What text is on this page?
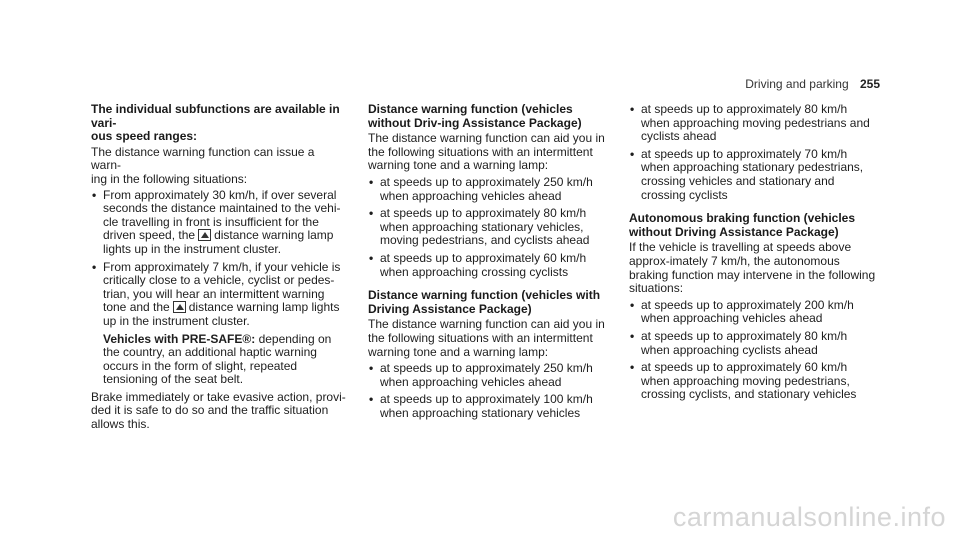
Driving and parking 255
The individual subfunctions are available in vari-
ous speed ranges:

The distance warning function can issue a warn-
ing in the following situations:

• From approximately 30 km/h, if over several seconds the distance maintained to the vehi-cle travelling in front is insufficient for the driven speed, the distance warning lamp lights up in the instrument cluster.
• From approximately 7 km/h, if your vehicle is critically close to a vehicle, cyclist or pedes-trian, you will hear an intermittent warning tone and the distance warning lamp lights up in the instrument cluster.
Vehicles with PRE-SAFE®: depending on the country, an additional haptic warning occurs in the form of slight, repeated tensioning of the seat belt.

Brake immediately or take evasive action, provi-ded it is safe to do so and the traffic situation allows this.

Distance warning function (vehicles without Driv-ing Assistance Package)

The distance warning function can aid you in the following situations with an intermittent warning tone and a warning lamp:

• at speeds up to approximately 250 km/h when approaching vehicles ahead
• at speeds up to approximately 80 km/h when approaching stationary vehicles, moving pedestrians, and cyclists ahead
• at speeds up to approximately 60 km/h when approaching crossing cyclists
Distance warning function (vehicles with Driving Assistance Package)

The distance warning function can aid you in the following situations with an intermittent warning tone and a warning lamp:

• at speeds up to approximately 250 km/h when approaching vehicles ahead
• at speeds up to approximately 100 km/h when approaching stationary vehicles
• at speeds up to approximately 80 km/h when approaching moving pedestrians and cyclists ahead
• at speeds up to approximately 70 km/h when approaching stationary pedestrians, crossing vehicles and stationary and crossing cyclists
Autonomous braking function (vehicles without Driving Assistance Package)

If the vehicle is travelling at speeds above approx-imately 7 km/h, the autonomous braking function may intervene in the following situations:

• at speeds up to approximately 200 km/h when approaching vehicles ahead
• at speeds up to approximately 80 km/h when approaching cyclists ahead
• at speeds up to approximately 60 km/h when approaching moving pedestrians, crossing cyclists, and stationary vehicles
carmanualsonline.info
